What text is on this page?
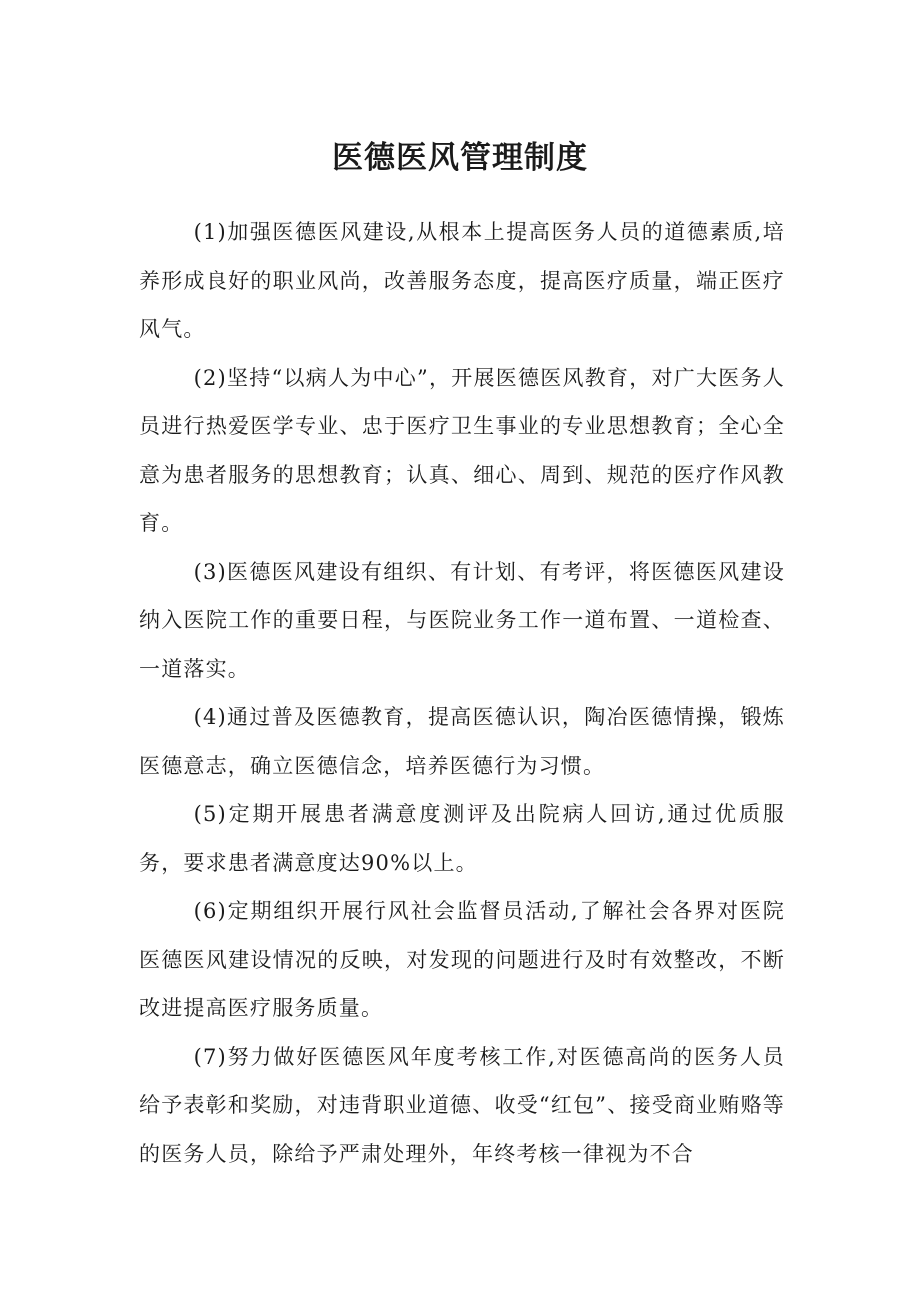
医德医风管理制度

(1)加强医德医风建设,从根本上提高医务人员的道德素质,培养形成良好的职业风尚，改善服务态度，提高医疗质量，端正医疗风气。

(2)坚持“以病人为中心”，开展医德医风教育，对广大医务人员进行热爱医学专业、忠于医疗卫生事业的专业思想教育；全心全意为患者服务的思想教育；认真、细心、周到、规范的医疗作风教育。

(3)医德医风建设有组织、有计划、有考评，将医德医风建设纳入医院工作的重要日程，与医院业务工作一道布置、一道检查、一道落实。

(4)通过普及医德教育，提高医德认识，陶冶医德情操，锻炼医德意志，确立医德信念，培养医德行为习惯。

(5)定期开展患者满意度测评及出院病人回访,通过优质服务，要求患者满意度达90%以上。

(6)定期组织开展行风社会监督员活动,了解社会各界对医院医德医风建设情况的反映，对发现的问题进行及时有效整改，不断改进提高医疗服务质量。

(7)努力做好医德医风年度考核工作,对医德高尚的医务人员给予表彰和奖励，对违背职业道德、收受“红包”、接受商业贿赂等的医务人员，除给予严肃处理外，年终考核一律视为不合
